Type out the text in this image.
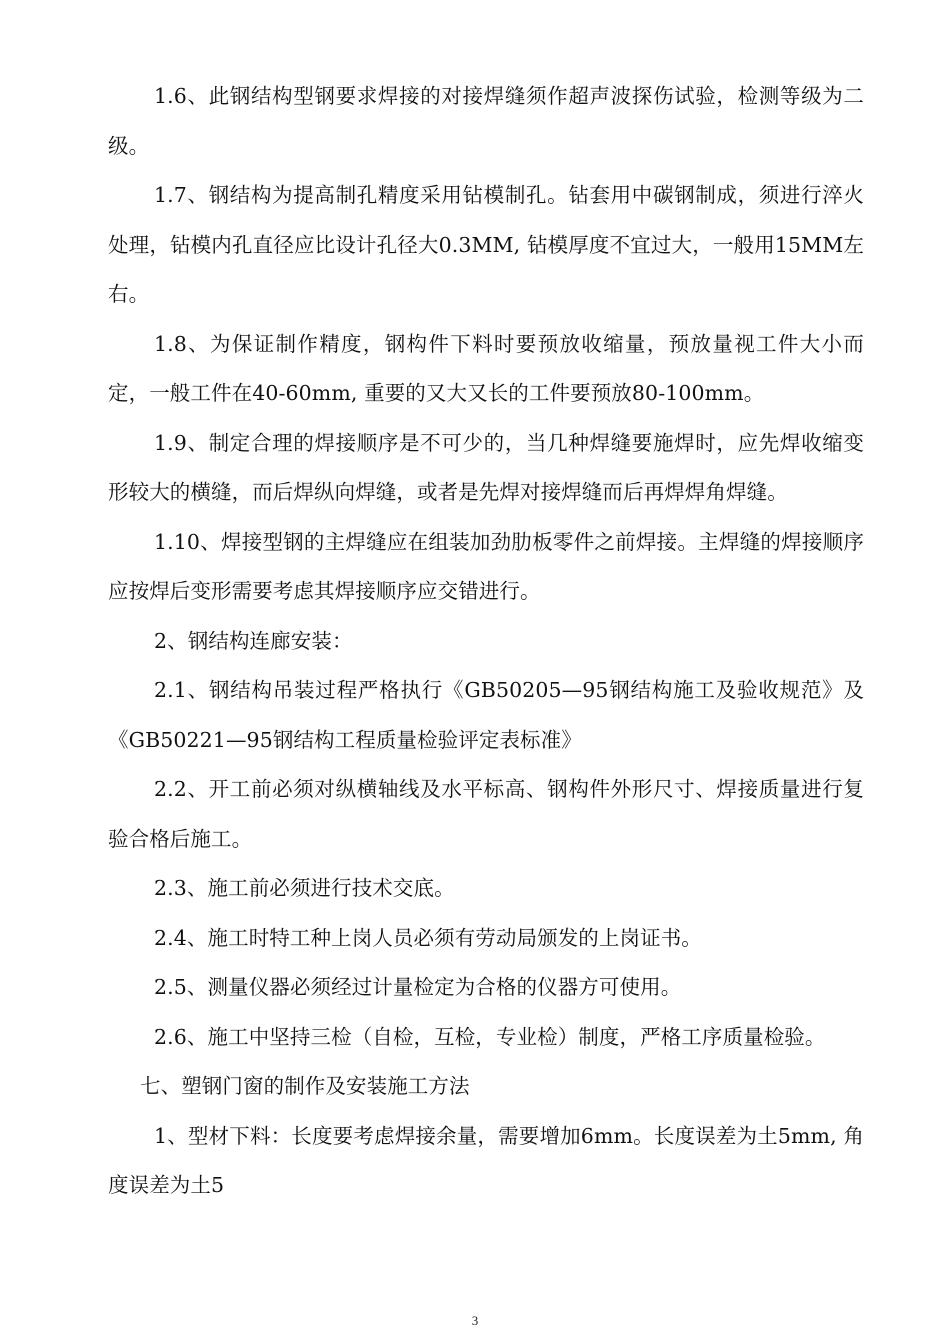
1.6、此钢结构型钢要求焊接的对接焊缝须作超声波探伤试验，检测等级为二级。

1.7、钢结构为提高制孔精度采用钻模制孔。钻套用中碳钢制成，须进行淬火处理，钻模内孔直径应比设计孔径大0.3MM, 钻模厚度不宜过大，一般用15MM左右。

1.8、为保证制作精度，钢构件下料时要预放收缩量，预放量视工件大小而定，一般工件在40-60mm, 重要的又大又长的工件要预放80-100mm。

1.9、制定合理的焊接顺序是不可少的，当几种焊缝要施焊时，应先焊收缩变形较大的横缝，而后焊纵向焊缝，或者是先焊对接焊缝而后再焊焊角焊缝。

1.10、焊接型钢的主焊缝应在组装加劲肋板零件之前焊接。主焊缝的焊接顺序应按焊后变形需要考虑其焊接顺序应交错进行。

2、钢结构连廊安装：

2.1、钢结构吊装过程严格执行《GB50205—95钢结构施工及验收规范》及《GB50221—95钢结构工程质量检验评定表标准》

2.2、开工前必须对纵横轴线及水平标高、钢构件外形尺寸、焊接质量进行复验合格后施工。

2.3、施工前必须进行技术交底。

2.4、施工时特工种上岗人员必须有劳动局颁发的上岗证书。

2.5、测量仪器必须经过计量检定为合格的仪器方可使用。

2.6、施工中坚持三检（自检，互检，专业检）制度，严格工序质量检验。

七、塑钢门窗的制作及安装施工方法

1、型材下料：长度要考虑焊接余量，需要增加6mm。长度误差为土5mm, 角度误差为土5

3
